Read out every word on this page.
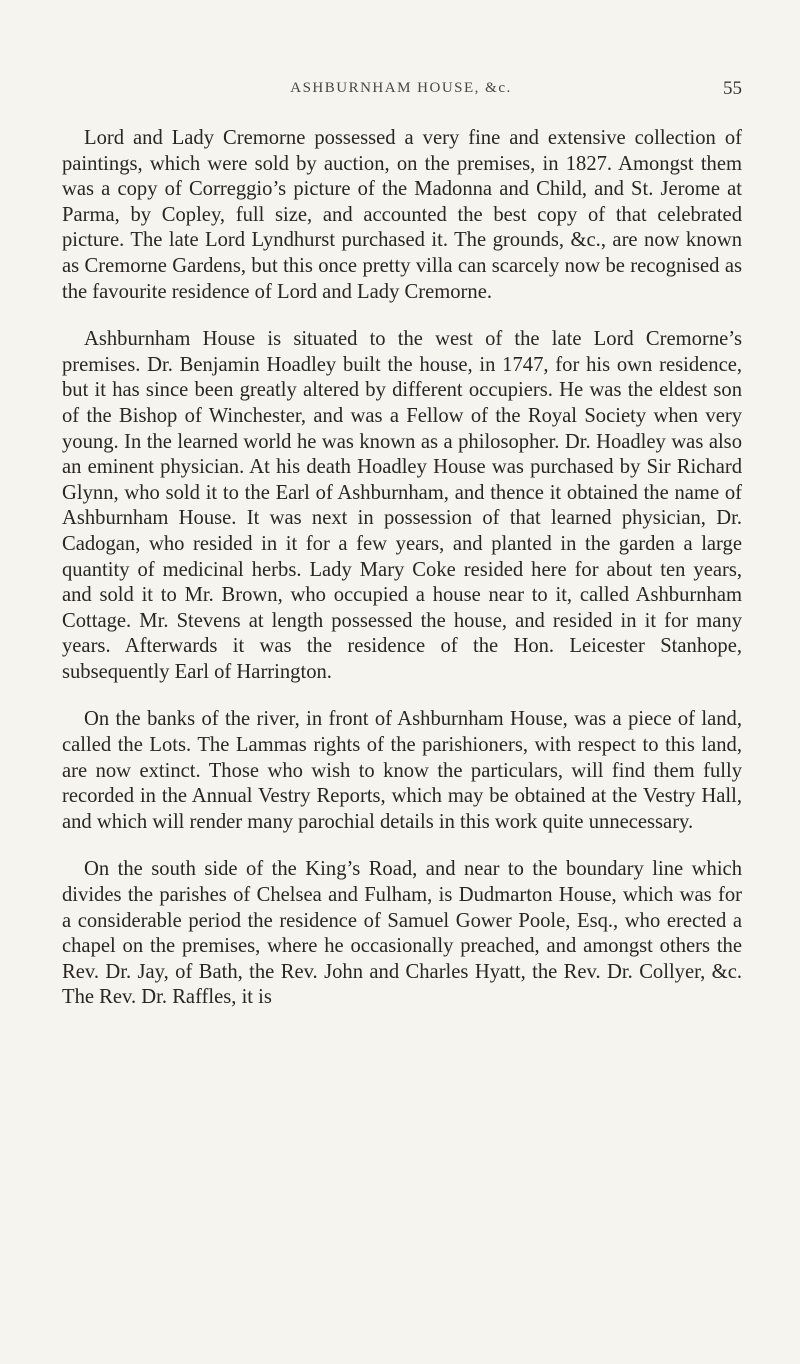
ASHBURNHAM HOUSE, &c.	55

Lord and Lady Cremorne possessed a very fine and extensive collection of paintings, which were sold by auction, on the premises, in 1827. Amongst them was a copy of Correggio’s picture of the Madonna and Child, and St. Jerome at Parma, by Copley, full size, and accounted the best copy of that celebrated picture. The late Lord Lyndhurst purchased it. The grounds, &c., are now known as Cremorne Gardens, but this once pretty villa can scarcely now be recognised as the favourite residence of Lord and Lady Cremorne.

Ashburnham House is situated to the west of the late Lord Cremorne’s premises. Dr. Benjamin Hoadley built the house, in 1747, for his own residence, but it has since been greatly altered by different occupiers. He was the eldest son of the Bishop of Winchester, and was a Fellow of the Royal Society when very young. In the learned world he was known as a philosopher. Dr. Hoadley was also an eminent physician. At his death Hoadley House was purchased by Sir Richard Glynn, who sold it to the Earl of Ashburnham, and thence it obtained the name of Ashburnham House. It was next in possession of that learned physician, Dr. Cadogan, who resided in it for a few years, and planted in the garden a large quantity of medicinal herbs. Lady Mary Coke resided here for about ten years, and sold it to Mr. Brown, who occupied a house near to it, called Ashburnham Cottage. Mr. Stevens at length possessed the house, and resided in it for many years. Afterwards it was the residence of the Hon. Leicester Stanhope, subsequently Earl of Harrington.

On the banks of the river, in front of Ashburnham House, was a piece of land, called the Lots. The Lammas rights of the parishioners, with respect to this land, are now extinct. Those who wish to know the particulars, will find them fully recorded in the Annual Vestry Reports, which may be obtained at the Vestry Hall, and which will render many parochial details in this work quite unnecessary.

On the south side of the King’s Road, and near to the boundary line which divides the parishes of Chelsea and Fulham, is Dudmarton House, which was for a considerable period the residence of Samuel Gower Poole, Esq., who erected a chapel on the premises, where he occasionally preached, and amongst others the Rev. Dr. Jay, of Bath, the Rev. John and Charles Hyatt, the Rev. Dr. Collyer, &c. The Rev. Dr. Raffles, it is
